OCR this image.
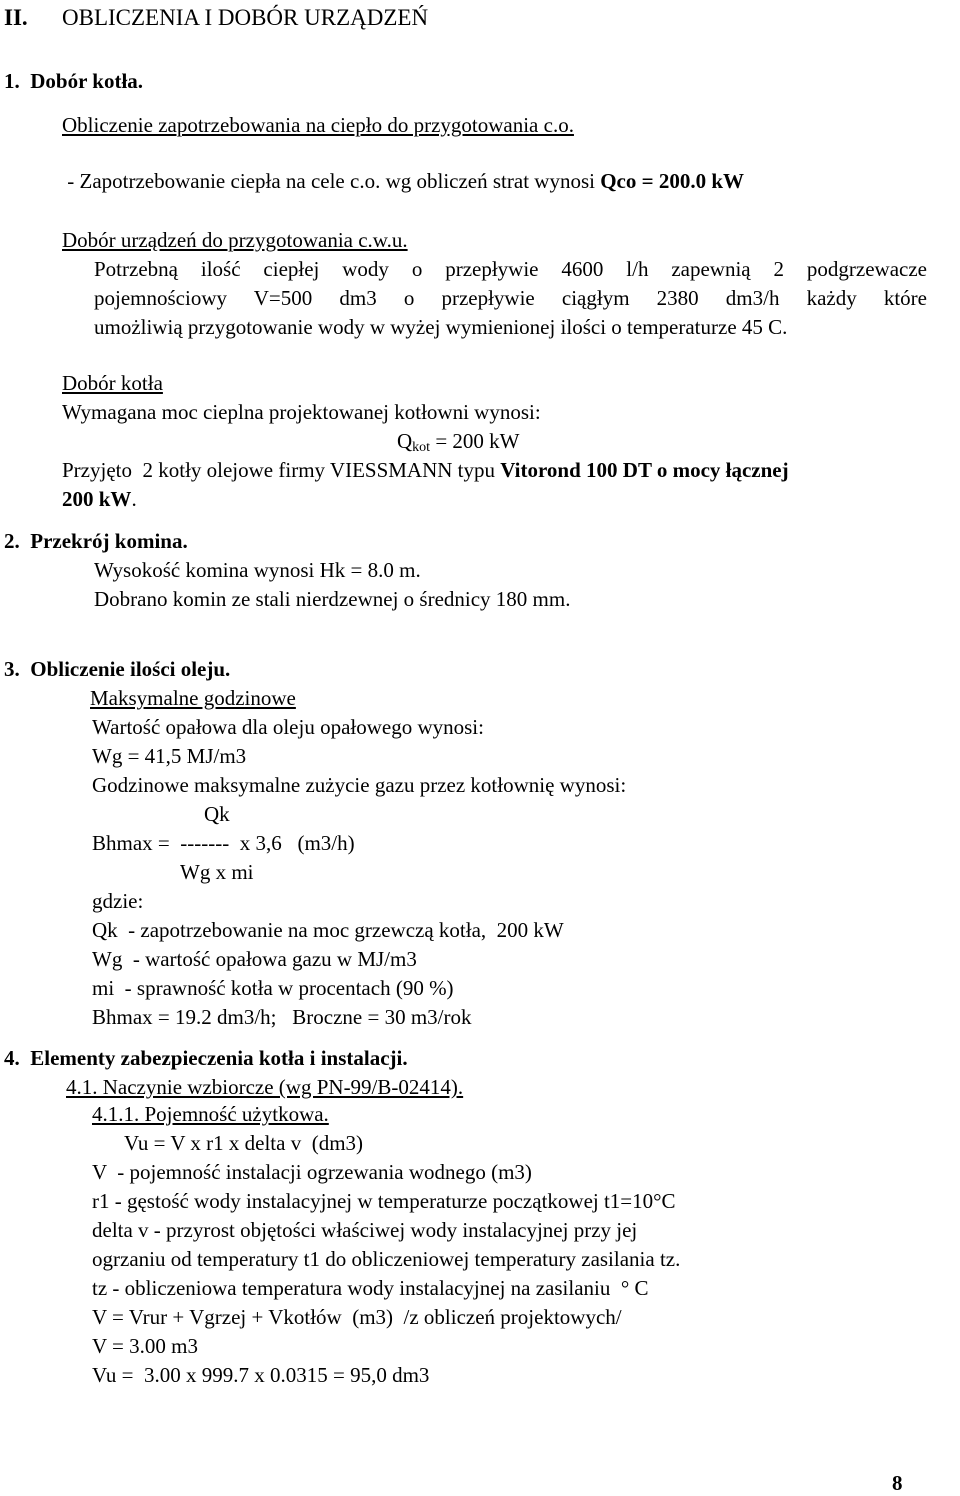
II. OBLICZENIA I DOBÓR URZĄDZEŃ
1.  Dobór kotła.
Obliczenie zapotrzebowania na ciepło do przygotowania c.o.
- Zapotrzebowanie ciepła na cele c.o. wg obliczeń strat wynosi Qco = 200.0 kW
Dobór urządzeń do przygotowania c.w.u.

Potrzebną ilość ciepłej wody o przepływie 4600 l/h zapewnią 2 podgrzewacze

pojemnościowy V=500 dm3 o przepływie ciągłym 2380 dm3/h każdy które

umożliwią przygotowanie wody w wyżej wymienionej ilości o temperaturze 45 C.
Dobór kotła
Wymagana moc cieplna projektowanej kotłowni wynosi:
$Q_{kot} = 200$ kW
Przyjęto  2 kotły olejowe firmy VIESSMANN typu Vitorond 100 DT o mocy łącznej
200 kW.
2.  Przekrój komina.
Wysokość komina wynosi Hk = 8.0 m.
Dobrano komin ze stali nierdzewnej o średnicy 180 mm.
3.  Obliczenie ilości oleju.
Maksymalne godzinowe
Wartość opałowa dla oleju opałowego wynosi:
Wg = 41,5 MJ/m3
Godzinowe maksymalne zużycie gazu przez kotłownię wynosi:
Qk
Bhmax =  -------  x 3,6   (m3/h)
Wg x mi
gdzie:
Qk  - zapotrzebowanie na moc grzewczą kotła,  200 kW
Wg  - wartość opałowa gazu w MJ/m3
mi  - sprawność kotła w procentach (90 %)
Bhmax = 19.2 dm3/h;   Broczne = 30 m3/rok
4.  Elementy zabezpieczenia kotła i instalacji.
4.1. Naczynie wzbiorcze (wg PN-99/B-02414).
4.1.1. Pojemność użytkowa.
Vu = V x r1 x delta v  (dm3)
V  - pojemność instalacji ogrzewania wodnego (m3)
r1 - gęstość wody instalacyjnej w temperaturze początkowej t1=10°C
delta v - przyrost objętości właściwej wody instalacyjnej przy jej
ogrzaniu od temperatury t1 do obliczeniowej temperatury zasilania tz.
tz - obliczeniowa temperatura wody instalacyjnej na zasilaniu  ° C
V = Vrur + Vgrzej + Vkotłów  (m3)  /z obliczeń projektowych/
V = 3.00 m3
Vu =  3.00 x 999.7 x 0.0315 = 95,0 dm3
8
